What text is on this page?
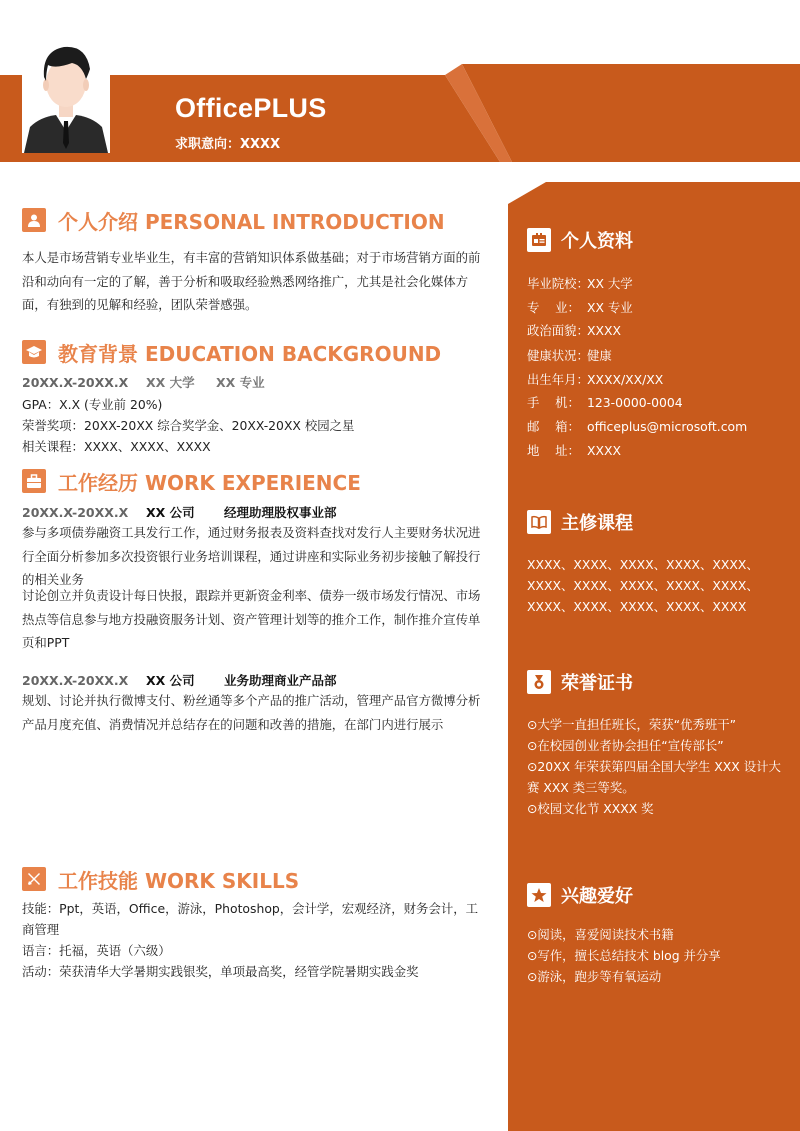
OfficePLUS
求职意向：XXXX
个人介绍 PERSONAL INTRODUCTION
本人是市场营销专业毕业生，有丰富的营销知识体系做基础；对于市场营销方面的前沿和动向有一定的了解，善于分析和吸取经验熟悉网络推广，尤其是社会化媒体方面，有独到的见解和经验，团队荣誉感强。
教育背景 EDUCATION BACKGROUND
20XX.X-20XX.X XX 大学 XX 专业
GPA：X.X (专业前 20%)
荣誉奖项：20XX-20XX 综合奖学金、20XX-20XX 校园之星
相关课程：XXXX、XXXX、XXXX
工作经历 WORK EXPERIENCE
20XX.X-20XX.X XX 公司 经理助理股权事业部
参与多项债券融资工具发行工作，通过财务报表及资料查找对发行人主要财务状况进行全面分析参加多次投资银行业务培训课程，通过讲座和实际业务初步接触了解投行的相关业务
讨论创立并负责设计每日快报，跟踪并更新资金利率、债券一级市场发行情况、市场热点等信息参与地方投融资服务计划、资产管理计划等的推介工作，制作推介宣传单页和PPT
20XX.X-20XX.X XX 公司 业务助理商业产品部
规划、讨论并执行微博支付、粉丝通等多个产品的推广活动，管理产品官方微博分析产品月度充值、消费情况并总结存在的问题和改善的措施，在部门内进行展示
工作技能 WORK SKILLS
技能：Ppt，英语，Office，游泳，Photoshop，会计学，宏观经济，财务会计，工商管理
语言：托福，英语（六级）
活动：荣获清华大学暑期实践银奖，单项最高奖，经管学院暑期实践金奖
个人资料
毕业院校：XX 大学
专    业： XX 专业
政治面貌：XXXX
健康状况：健康
出生年月：XXXX/XX/XX
手    机： 123-0000-0004
邮    箱： officeplus@microsoft.com
地    址： XXXX
主修课程
XXXX、XXXX、XXXX、XXXX、XXXX、XXXX、XXXX、XXXX、XXXX、XXXX、XXXX、XXXX、XXXX、XXXX、XXXX
荣誉证书
⊙大学一直担任班长，荣获“优秀班干”
⊙在校园创业者协会担任“宣传部长”
⊙20XX 年荣获第四届全国大学生 XXX 设计大赛 XXX 类三等奖。
⊙校园文化节 XXXX 奖
兴趣爱好
⊙阅读，喜爱阅读技术书籍
⊙写作，擅长总结技术 blog 并分享
⊙游泳，跑步等有氧运动
